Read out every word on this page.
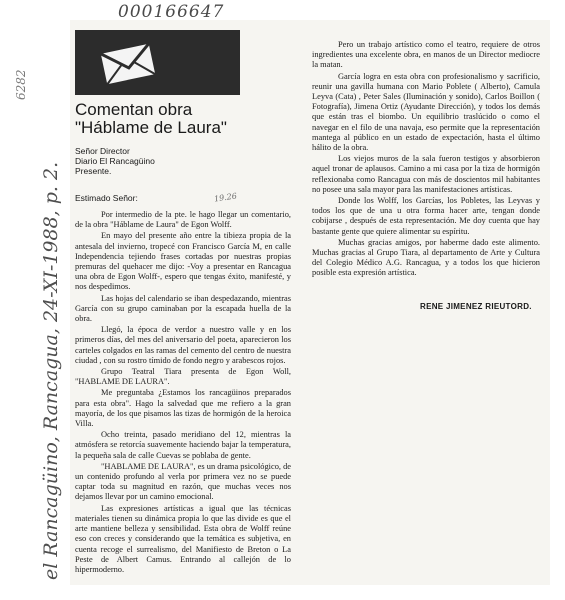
000166647
6282
el Rancagüino, Rancagua, 24-XI-1988, p. 2.
Comentan obra
"Háblame de Laura"
Señor Director
Diario El Rancagüino
Presente.
19.26
Estimado Señor:

Por intermedio de la pte. le hago llegar un comentario, de la obra "Háblame de Laura" de Egon Wolff.

En mayo del presente año entre la tibieza propia de la antesala del invierno, tropecé con Francisco García M, en calle Independencia tejiendo frases cortadas por nuestras propias premuras del quehacer me dijo: -Voy a presentar en Rancagua una obra de Egon Wolff-, espero que tengas éxito, manifesté, y nos despedimos.

Las hojas del calendario se iban despedazando, mientras García con su grupo caminaban por la escapada huella de la obra.

Llegó, la época de verdor a nuestro valle y en los primeros días, del mes del aniversario del poeta, aparecieron los carteles colgados en las ramas del cemento del centro de nuestra ciudad , con su rostro tímido de fondo negro y arabescos rojos.

Grupo Teatral Tiara presenta de Egon Woll, "HABLAME DE LAURA".

Me preguntaba ¿Estamos los rancagüinos preparados para esta obra". Hago la salvedad que me refiero a la gran mayoría, de los que pisamos las tizas de hormigón de la heroica Villa.

Ocho treinta, pasado meridiano del 12, mientras la atmósfera se retorcía suavemente haciendo bajar la temperatura, la pequeña sala de calle Cuevas se poblaba de gente.

"HABLAME DE LAURA", es un drama psicológico, de un contenido profundo al verla por primera vez no se puede captar toda su magnitud en razón, que muchas veces nos dejamos llevar por un camino emocional.

Las expresiones artísticas a igual que las técnicas materiales tienen su dinámica propia lo que las divide es que el arte mantiene belleza y sensibilidad. Esta obra de Wolff reúne eso con creces y considerando que la temática es subjetiva, en cuenta recoge el surrealismo, del Manifiesto de Breton o La Peste de Albert Camus. Entrando al callejón de lo hipermoderno.

Pero un trabajo artístico como el teatro, requiere de otros ingredientes una excelente obra, en manos de un Director mediocre la matan.

García logra en esta obra con profesionalismo y sacrificio, reunir una gavilla humana con Mario Poblete ( Alberto), Camula Leyva (Cata) , Peter Sales (Iluminación y sonido), Carlos Boillon ( Fotografía), Jimena Ortiz (Ayudante Dirección), y todos los demás que están tras el biombo. Un equilibrio traslúcido o como el navegar en el filo de una navaja, eso permite que la representación mantega al público en un estado de expectación, hasta el último hálito de la obra.

Los viejos muros de la sala fueron testigos y absorbieron aquel tronar de aplausos. Camino a mi casa por la tiza de hormigón reflexionaba como Rancagua con más de doscientos mil habitantes no posee una sala mayor para las manifestaciones artísticas.

Donde los Wolff, los Garcías, los Pobletes, las Leyvas y todos los que de una u otra forma hacer arte, tengan donde cobijarse , después de esta representación. Me doy cuenta que hay bastante gente que quiere alimentar su espíritu.

Muchas gracias amigos, por haberme dado este alimento. Muchas gracias al Grupo Tiara, al departamento de Arte y Cultura del Colegio Médico A.G. Rancagua, y a todos los que hicieron posible esta expresión artística.

RENE JIMENEZ RIEUTORD.
